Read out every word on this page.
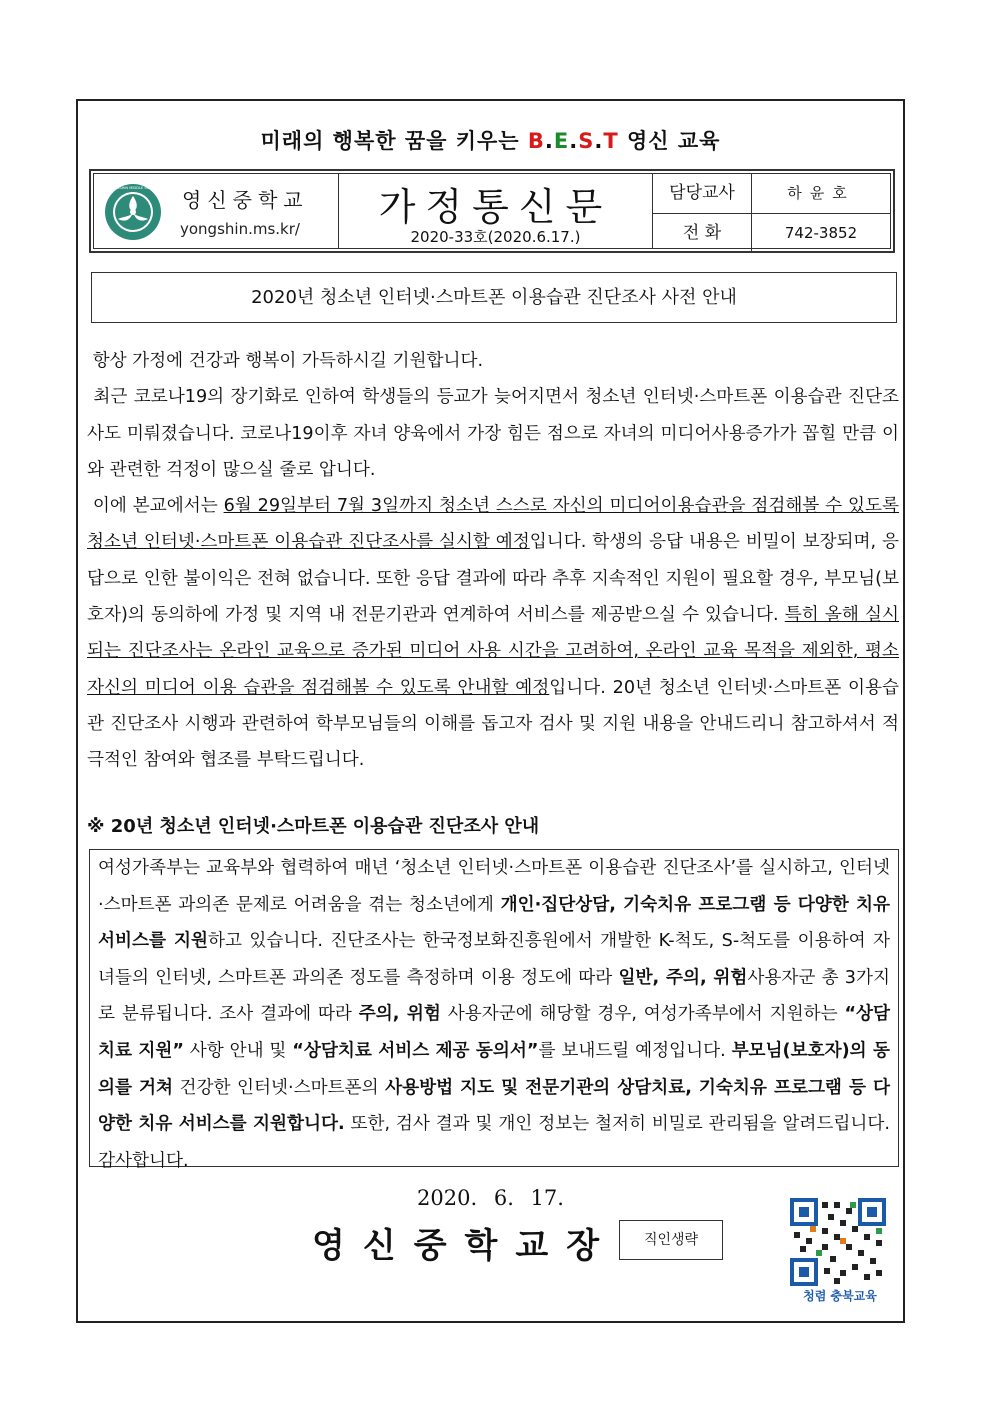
미래의 행복한 꿈을 키우는 B.E.S.T 영신 교육
YOUNGSHIN MIDDLE SCHOOL 영신중학교
yongshin.ms.kr/	가정통신문
2020-33호(2020.6.17.)
담당교사	하윤호
전 화	742-3852
2020년 청소년 인터넷·스마트폰 이용습관 진단조사 사전 안내

항상 가정에 건강과 행복이 가득하시길 기원합니다.

최근 코로나19의 장기화로 인하여 학생들의 등교가 늦어지면서 청소년 인터넷·스마트폰 이용습관 진단조사도 미뤄졌습니다. 코로나19이후 자녀 양육에서 가장 힘든 점으로 자녀의 미디어사용증가가 꼽힐 만큼 이와 관련한 걱정이 많으실 줄로 압니다.

이에 본교에서는 6월 29일부터 7월 3일까지 청소년 스스로 자신의 미디어이용습관을 점검해볼 수 있도록 청소년 인터넷·스마트폰 이용습관 진단조사를 실시할 예정입니다. 학생의 응답 내용은 비밀이 보장되며, 응답으로 인한 불이익은 전혀 없습니다. 또한 응답 결과에 따라 추후 지속적인 지원이 필요할 경우, 부모님(보호자)의 동의하에 가정 및 지역 내 전문기관과 연계하여 서비스를 제공받으실 수 있습니다. 특히 올해 실시되는 진단조사는 온라인 교육으로 증가된 미디어 사용 시간을 고려하여, 온라인 교육 목적을 제외한, 평소 자신의 미디어 이용 습관을 점검해볼 수 있도록 안내할 예정입니다. 20년 청소년 인터넷·스마트폰 이용습관 진단조사 시행과 관련하여 학부모님들의 이해를 돕고자 검사 및 지원 내용을 안내드리니 참고하셔서 적극적인 참여와 협조를 부탁드립니다.

※ 20년 청소년 인터넷·스마트폰 이용습관 진단조사 안내
여성가족부는 교육부와 협력하여 매년 ‘청소년 인터넷·스마트폰 이용습관 진단조사’를 실시하고, 인터넷·스마트폰 과의존 문제로 어려움을 겪는 청소년에게 개인·집단상담, 기숙치유 프로그램 등 다양한 치유 서비스를 지원하고 있습니다. 진단조사는 한국정보화진흥원에서 개발한 K-척도, S-척도를 이용하여 자녀들의 인터넷, 스마트폰 과의존 정도를 측정하며 이용 정도에 따라 일반, 주의, 위험사용자군 총 3가지로 분류됩니다. 조사 결과에 따라 주의, 위험 사용자군에 해당할 경우, 여성가족부에서 지원하는 “상담치료 지원” 사항 안내 및 “상담치료 서비스 제공 동의서”를 보내드릴 예정입니다. 부모님(보호자)의 동의를 거쳐 건강한 인터넷·스마트폰의 사용방법 지도 및 전문기관의 상담치료, 기숙치유 프로그램 등 다양한 치유 서비스를 지원합니다. 또한, 검사 결과 및 개인 정보는 철저히 비밀로 관리됨을 알려드립니다. 감사합니다.
2020. 6. 17.
영신중학교장	직인생략
청렴 충북교육
